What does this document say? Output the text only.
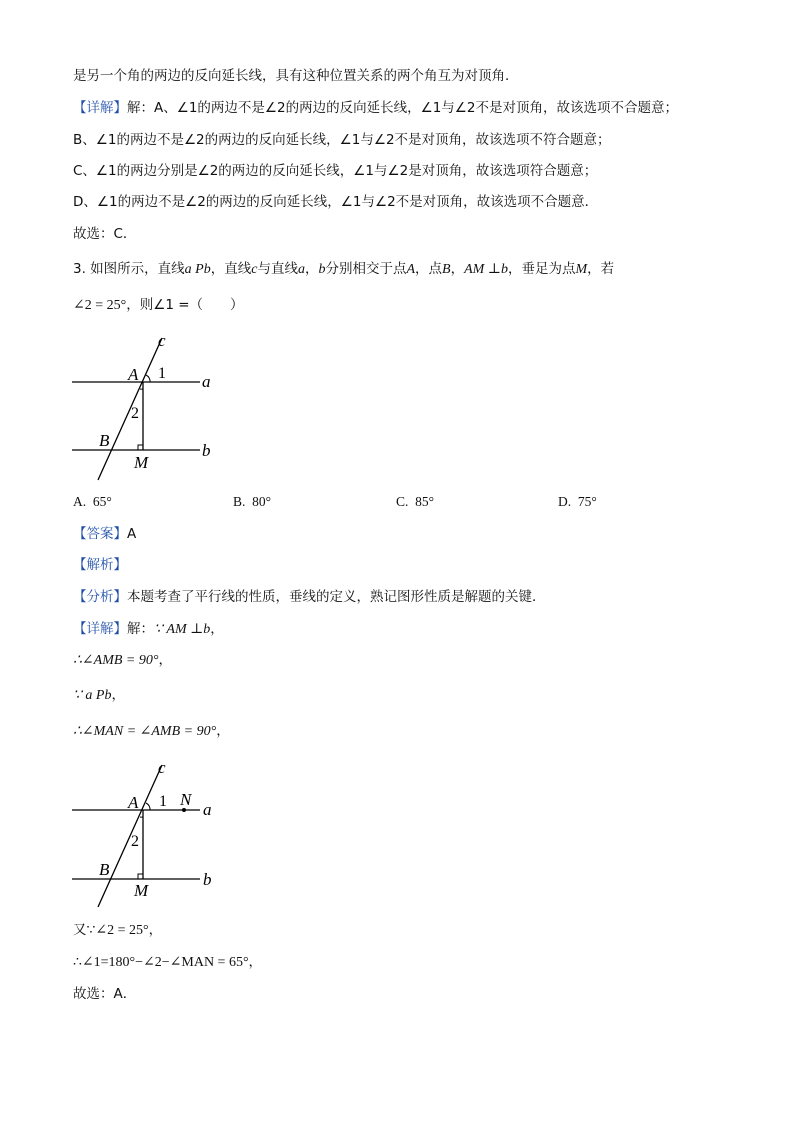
是另一个角的两边的反向延长线，具有这种位置关系的两个角互为对顶角．
【详解】解：A、∠1的两边不是∠2的两边的反向延长线，∠1与∠2不是对顶角，故该选项不合题意；
B、∠1的两边不是∠2的两边的反向延长线，∠1与∠2不是对顶角，故该选项不符合题意；
C、∠1的两边分别是∠2的两边的反向延长线，∠1与∠2是对顶角，故该选项符合题意；
D、∠1的两边不是∠2的两边的反向延长线，∠1与∠2不是对顶角，故该选项不合题意．
故选：C．
3. 如图所示，直线a Pb，直线c与直线a，b分别相交于点A，点B，AM ⊥b，垂足为点M，若
∠2 = 25°，则∠1 =（　　）
c
A 1 a
2
B
b
M
A. 65°	B. 80°	C. 85°	D. 75°
【答案】A
【解析】
【分析】本题考查了平行线的性质，垂线的定义，熟记图形性质是解题的关键．
【详解】解：∵ AM ⊥b，
∴∠AMB = 90°，
∵ a Pb，
∴∠MAN = ∠AMB = 90°，
c
A 1 N
a
2
B
b
M
又∵∠2 = 25°，
∴∠1=180°−∠2−∠MAN = 65°，
故选：A．
